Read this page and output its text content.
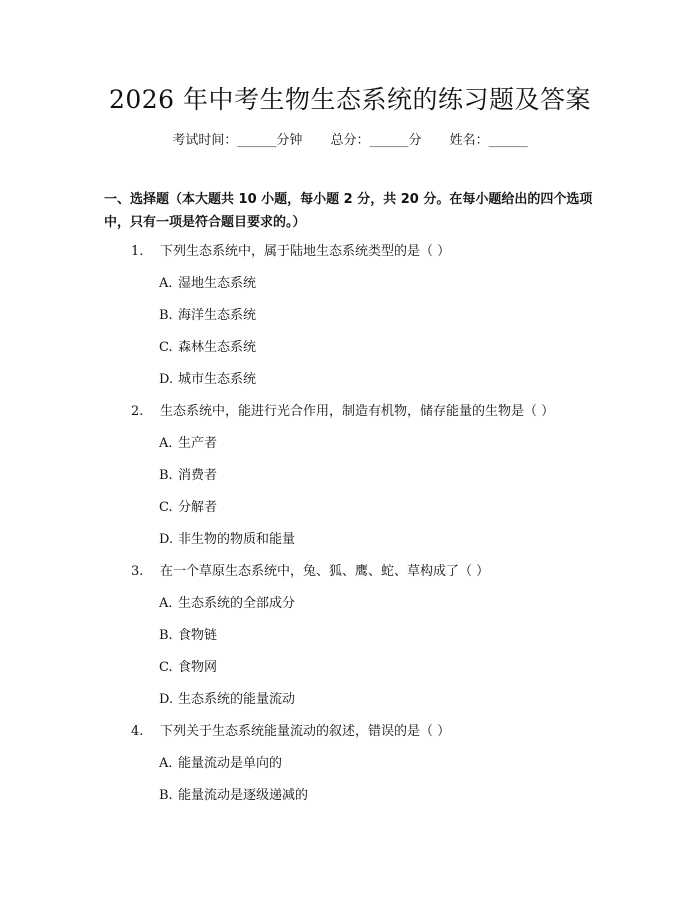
2026 年中考生物生态系统的练习题及答案
考试时间：______分钟 总分：______分 姓名：______
一、选择题（本大题共 10 小题，每小题 2 分，共 20 分。在每小题给出的四个选项中，只有一项是符合题目要求的。）
1. 下列生态系统中，属于陆地生态系统类型的是（ ）
A. 湿地生态系统
B. 海洋生态系统
C. 森林生态系统
D. 城市生态系统
2. 生态系统中，能进行光合作用，制造有机物，储存能量的生物是（ ）
A. 生产者
B. 消费者
C. 分解者
D. 非生物的物质和能量
3. 在一个草原生态系统中，兔、狐、鹰、蛇、草构成了（ ）
A. 生态系统的全部成分
B. 食物链
C. 食物网
D. 生态系统的能量流动
4. 下列关于生态系统能量流动的叙述，错误的是（ ）
A. 能量流动是单向的
B. 能量流动是逐级递减的
